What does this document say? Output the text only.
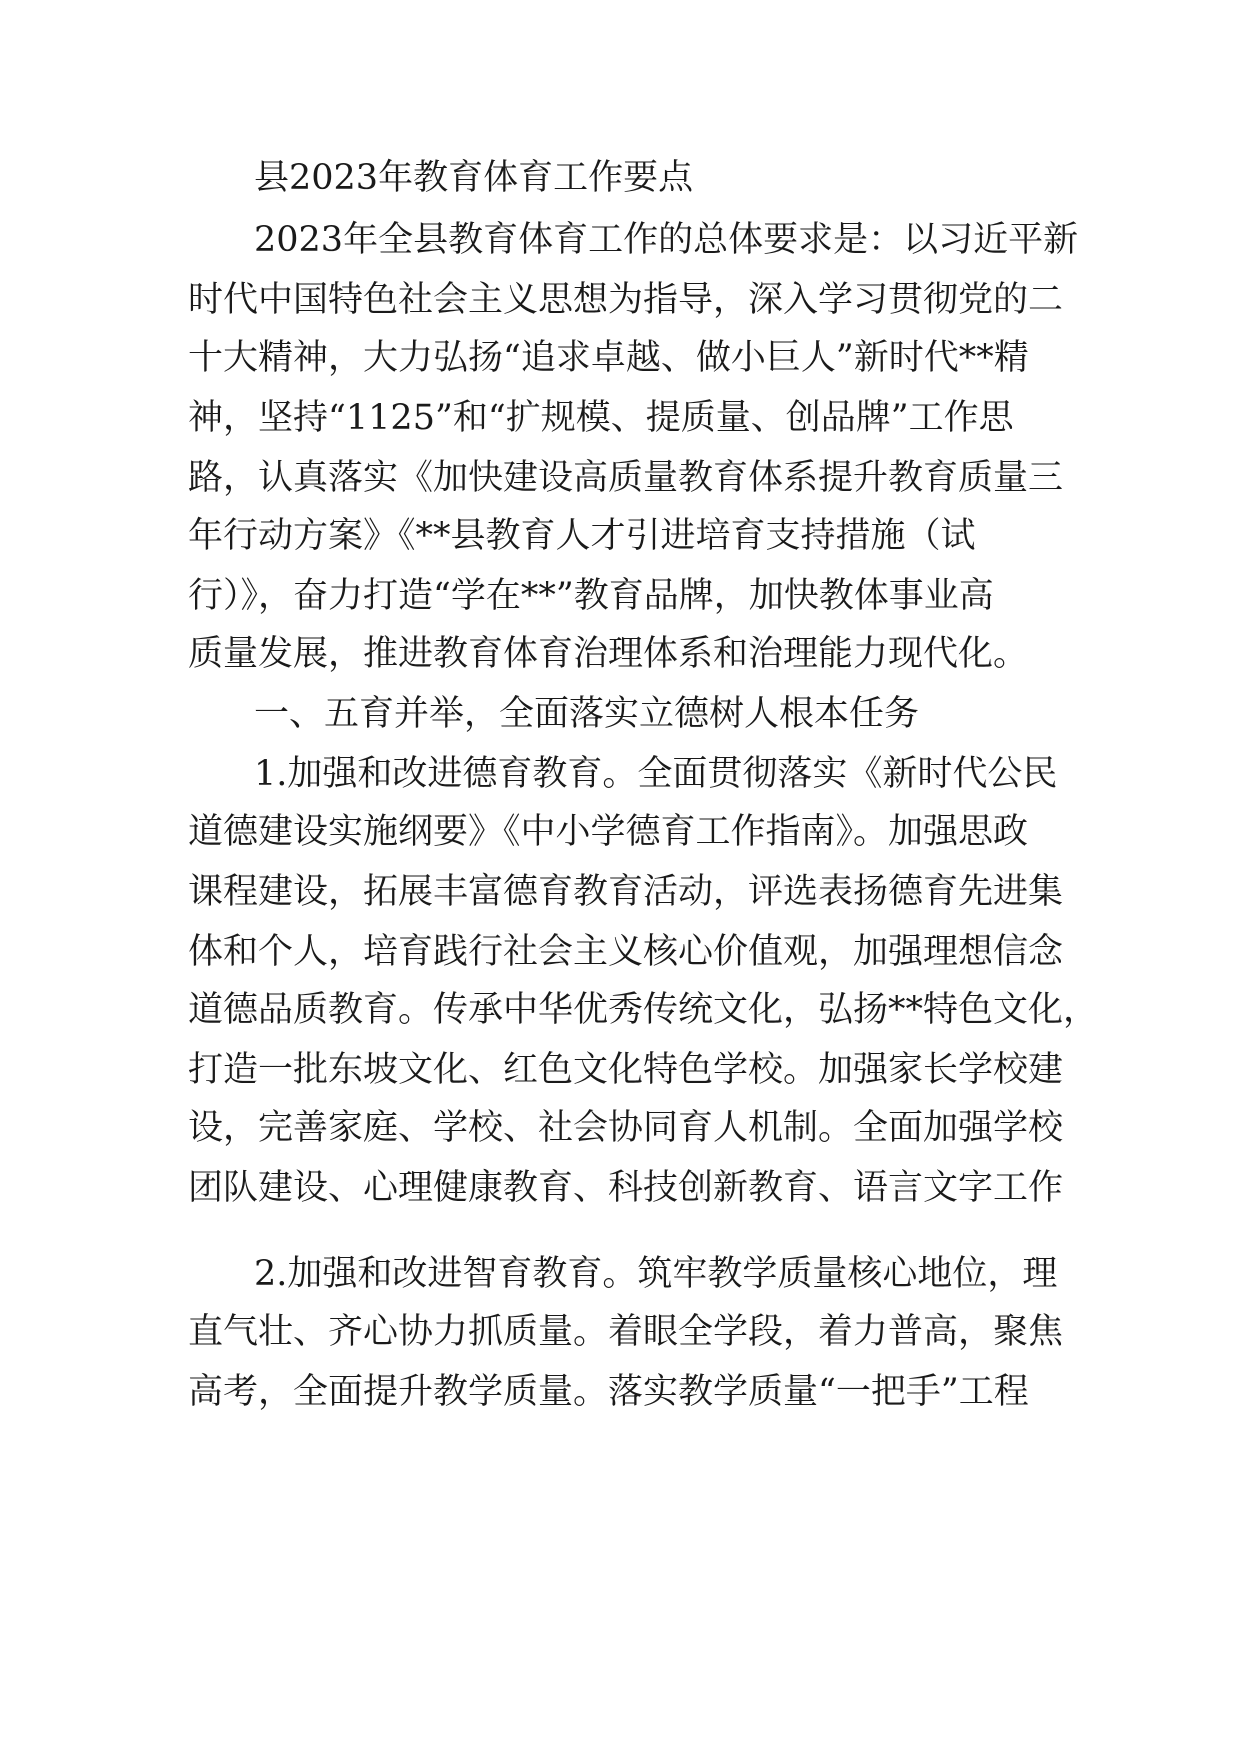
县2023年教育体育工作要点
2023年全县教育体育工作的总体要求是：以习近平新
时代中国特色社会主义思想为指导，深入学习贯彻党的二
十大精神，大力弘扬“追求卓越、做小巨人”新时代**精
神，坚持“1125”和“扩规模、提质量、创品牌”工作思
路，认真落实《加快建设高质量教育体系提升教育质量三
年行动方案》《**县教育人才引进培育支持措施（试
行）》，奋力打造“学在**”教育品牌，加快教体事业高
质量发展，推进教育体育治理体系和治理能力现代化。
一、五育并举，全面落实立德树人根本任务
1.加强和改进德育教育。全面贯彻落实《新时代公民
道德建设实施纲要》《中小学德育工作指南》。加强思政
课程建设，拓展丰富德育教育活动，评选表扬德育先进集
体和个人，培育践行社会主义核心价值观，加强理想信念
道德品质教育。传承中华优秀传统文化，弘扬**特色文化，
打造一批东坡文化、红色文化特色学校。加强家长学校建
设，完善家庭、学校、社会协同育人机制。全面加强学校
团队建设、心理健康教育、科技创新教育、语言文字工作
2.加强和改进智育教育。筑牢教学质量核心地位，理
直气壮、齐心协力抓质量。着眼全学段，着力普高，聚焦
高考，全面提升教学质量。落实教学质量“一把手”工程
